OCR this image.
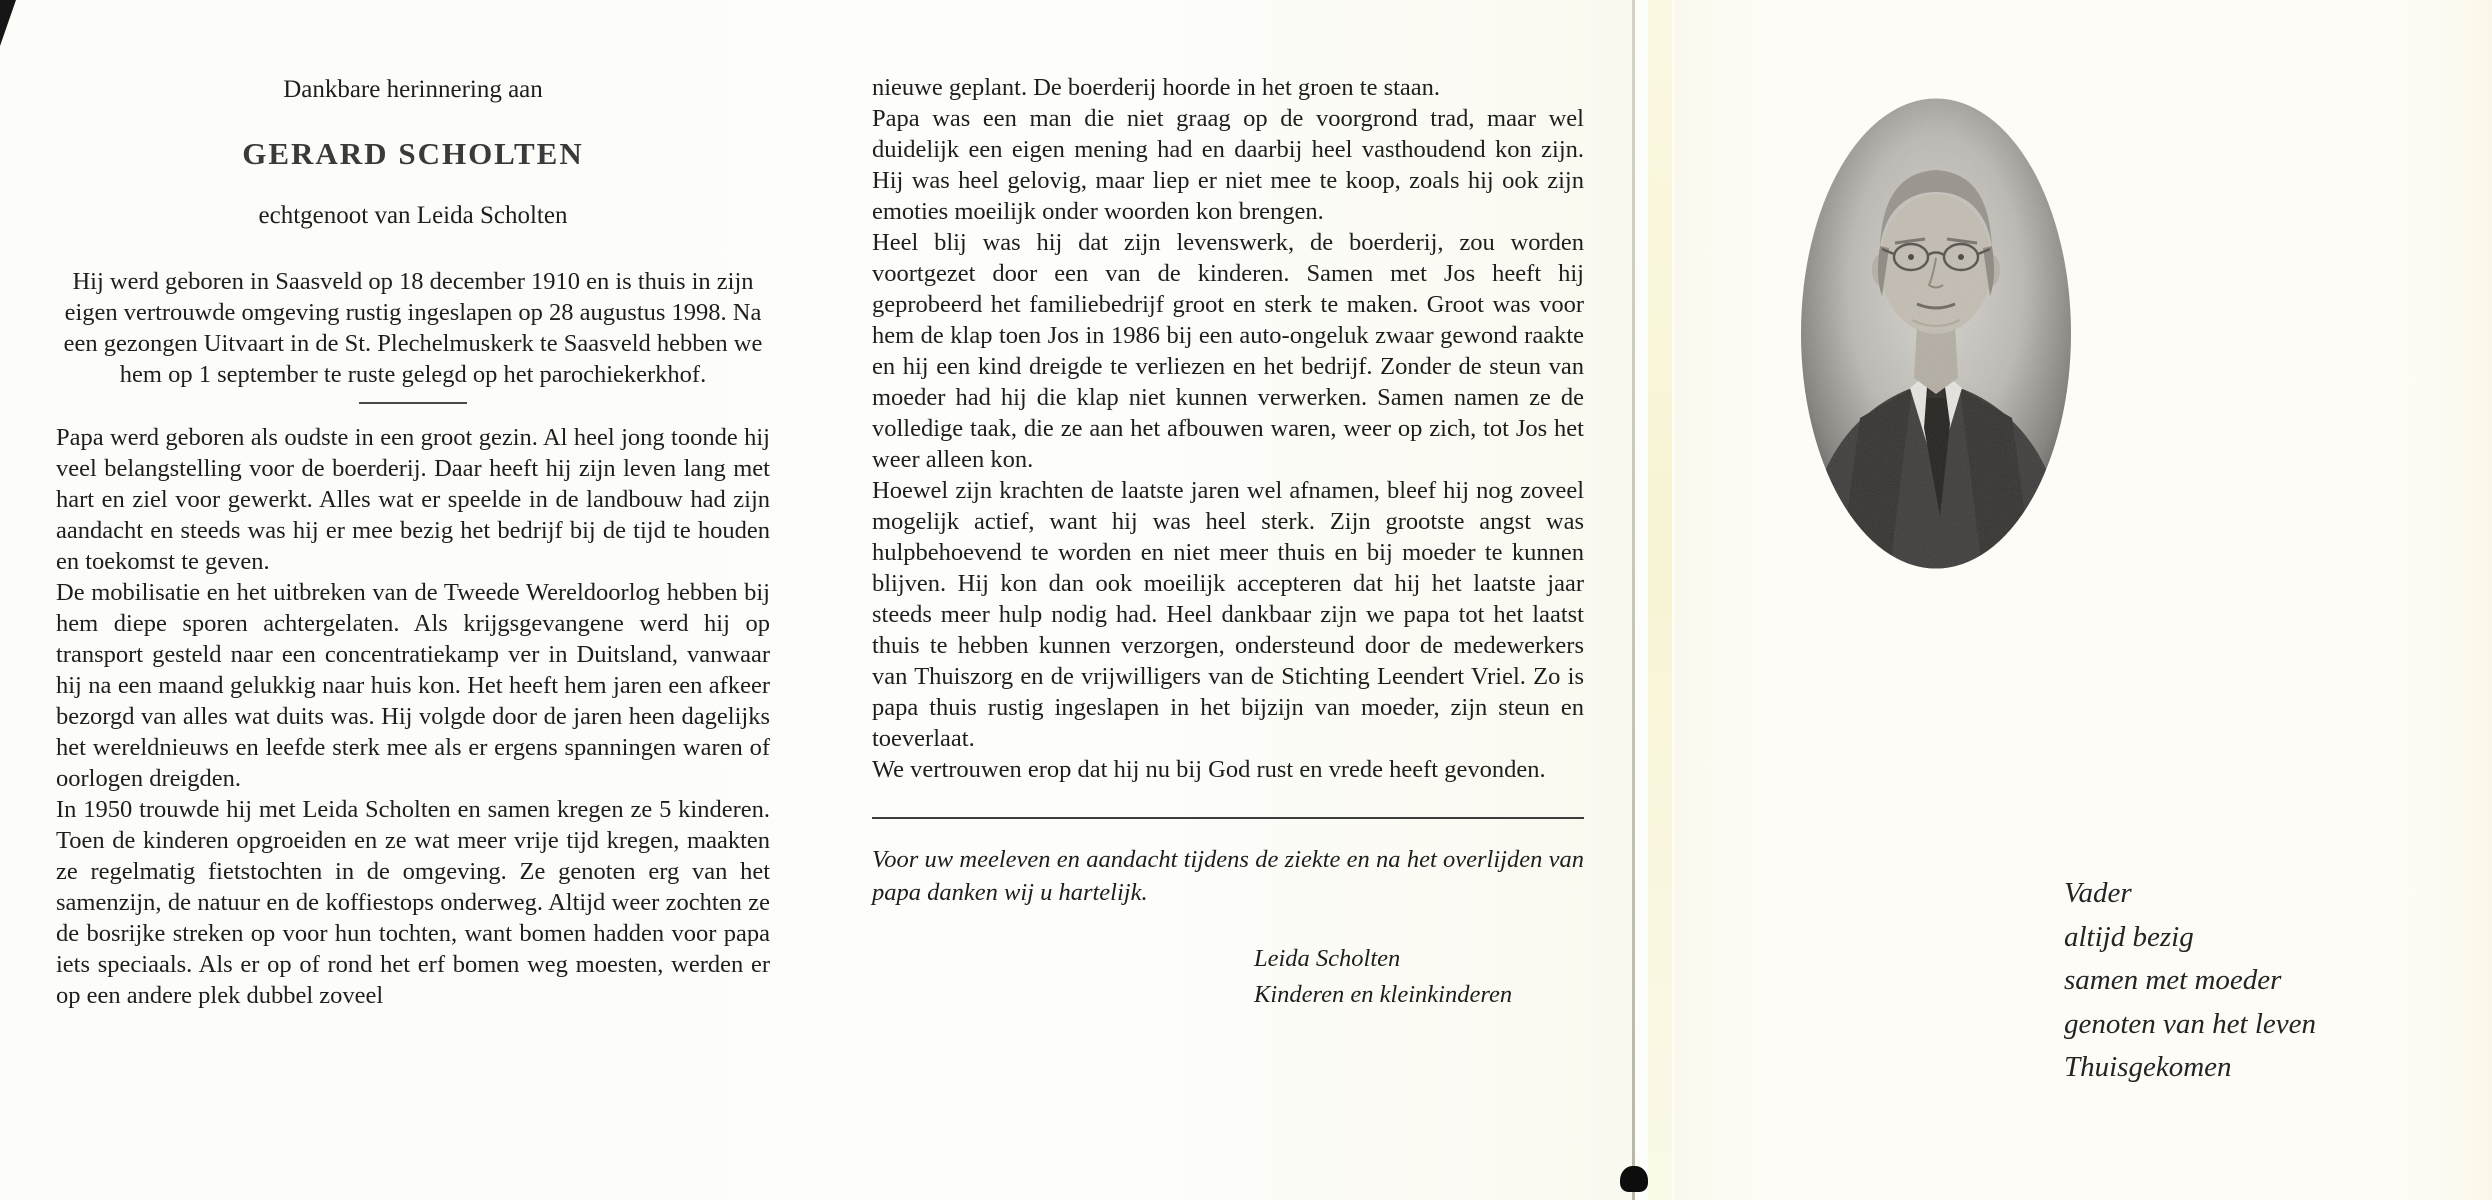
Dankbare herinnering aan
GERARD SCHOLTEN
echtgenoot van Leida Scholten

Hij werd geboren in Saasveld op 18 december 1910 en is thuis in zijn eigen vertrouwde omgeving rustig ingeslapen op 28 augustus 1998. Na een gezongen Uitvaart in de St. Plechelmuskerk te Saasveld hebben we hem op 1 september te ruste gelegd op het parochiekerkhof.

Papa werd geboren als oudste in een groot gezin. Al heel jong toonde hij veel belangstelling voor de boerderij. Daar heeft hij zijn leven lang met hart en ziel voor gewerkt. Alles wat er speelde in de landbouw had zijn aandacht en steeds was hij er mee bezig het bedrijf bij de tijd te houden en toekomst te geven.

De mobilisatie en het uitbreken van de Tweede Wereldoorlog hebben bij hem diepe sporen achtergelaten. Als krijgsgevangene werd hij op transport gesteld naar een concentratiekamp ver in Duitsland, vanwaar hij na een maand gelukkig naar huis kon. Het heeft hem jaren een afkeer bezorgd van alles wat duits was. Hij volgde door de jaren heen dagelijks het wereldnieuws en leefde sterk mee als er ergens spanningen waren of oorlogen dreigden.

In 1950 trouwde hij met Leida Scholten en samen kregen ze 5 kinderen. Toen de kinderen opgroeiden en ze wat meer vrije tijd kregen, maakten ze regelmatig fietstochten in de omgeving. Ze genoten erg van het samenzijn, de natuur en de koffiestops onderweg. Altijd weer zochten ze de bosrijke streken op voor hun tochten, want bomen hadden voor papa iets speciaals. Als er op of rond het erf bomen weg moesten, werden er op een andere plek dubbel zoveel

nieuwe geplant. De boerderij hoorde in het groen te staan.

Papa was een man die niet graag op de voorgrond trad, maar wel duidelijk een eigen mening had en daarbij heel vasthoudend kon zijn. Hij was heel gelovig, maar liep er niet mee te koop, zoals hij ook zijn emoties moeilijk onder woorden kon brengen.

Heel blij was hij dat zijn levenswerk, de boerderij, zou worden voortgezet door een van de kinderen. Samen met Jos heeft hij geprobeerd het familiebedrijf groot en sterk te maken. Groot was voor hem de klap toen Jos in 1986 bij een auto-ongeluk zwaar gewond raakte en hij een kind dreigde te verliezen en het bedrijf. Zonder de steun van moeder had hij die klap niet kunnen verwerken. Samen namen ze de volledige taak, die ze aan het afbouwen waren, weer op zich, tot Jos het weer alleen kon.

Hoewel zijn krachten de laatste jaren wel afnamen, bleef hij nog zoveel mogelijk actief, want hij was heel sterk. Zijn grootste angst was hulpbehoevend te worden en niet meer thuis en bij moeder te kunnen blijven. Hij kon dan ook moeilijk accepteren dat hij het laatste jaar steeds meer hulp nodig had. Heel dankbaar zijn we papa tot het laatst thuis te hebben kunnen verzorgen, ondersteund door de medewerkers van Thuiszorg en de vrijwilligers van de Stichting Leendert Vriel. Zo is papa thuis rustig ingeslapen in het bijzijn van moeder, zijn steun en toeverlaat.

We vertrouwen erop dat hij nu bij God rust en vrede heeft gevonden.

Voor uw meeleven en aandacht tijdens de ziekte en na het overlijden van papa danken wij u hartelijk.

Leida Scholten
Kinderen en kleinkinderen
Vader
altijd bezig
samen met moeder
genoten van het leven
Thuisgekomen
